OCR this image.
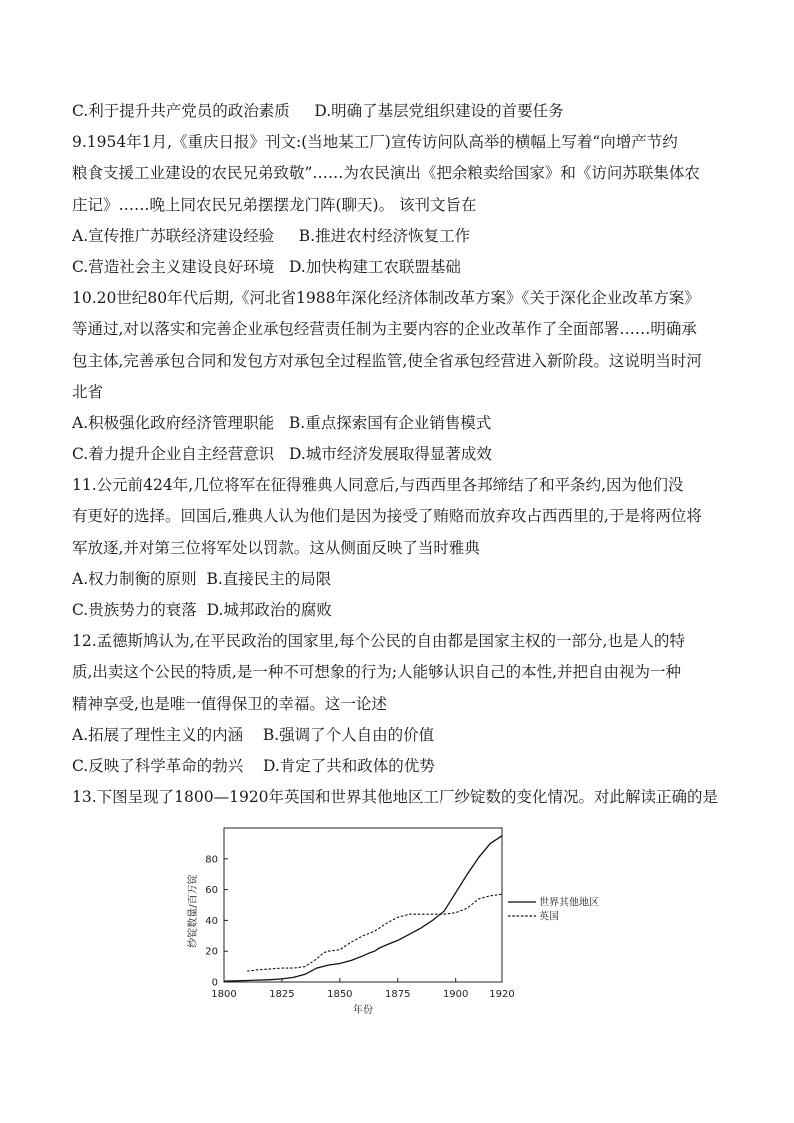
C.利于提升共产党员的政治素质     D.明确了基层党组织建设的首要任务
9.1954年1月,《重庆日报》刊文:(当地某工厂)宣传访问队高举的横幅上写着“向增产节约
粮食支援工业建设的农民兄弟致敬”……为农民演出《把余粮卖给国家》和《访问苏联集体农
庄记》……晚上同农民兄弟摆摆龙门阵(聊天)。 该刊文旨在
A.宣传推广苏联经济建设经验     B.推进农村经济恢复工作
C.营造社会主义建设良好环境   D.加快构建工农联盟基础
10.20世纪80年代后期,《河北省1988年深化经济体制改革方案》《关于深化企业改革方案》
等通过,对以落实和完善企业承包经营责任制为主要内容的企业改革作了全面部署……明确承
包主体,完善承包合同和发包方对承包全过程监管,使全省承包经营进入新阶段。这说明当时河
北省
A.积极强化政府经济管理职能   B.重点探索国有企业销售模式
C.着力提升企业自主经营意识   D.城市经济发展取得显著成效
11.公元前424年,几位将军在征得雅典人同意后,与西西里各邦缔结了和平条约,因为他们没
有更好的选择。回国后,雅典人认为他们是因为接受了贿赂而放弃攻占西西里的,于是将两位将
军放逐,并对第三位将军处以罚款。这从侧面反映了当时雅典
A.权力制衡的原则  B.直接民主的局限
C.贵族势力的衰落  D.城邦政治的腐败
12.孟德斯鸠认为,在平民政治的国家里,每个公民的自由都是国家主权的一部分,也是人的特
质,出卖这个公民的特质,是一种不可想象的行为;人能够认识自己的本性,并把自由视为一种
精神享受,也是唯一值得保卫的幸福。这一论述
A.拓展了理性主义的内涵    B.强调了个人自由的价值
C.反映了科学革命的勃兴    D.肯定了共和政体的优势
13.下图呈现了1800—1920年英国和世界其他地区工厂纱锭数的变化情况。对此解读正确的是
1800	1825	1850	1875	1900 1920
0
20
40
60
80
年份
纱锭数量/百万锭	世界其他地区
英国
